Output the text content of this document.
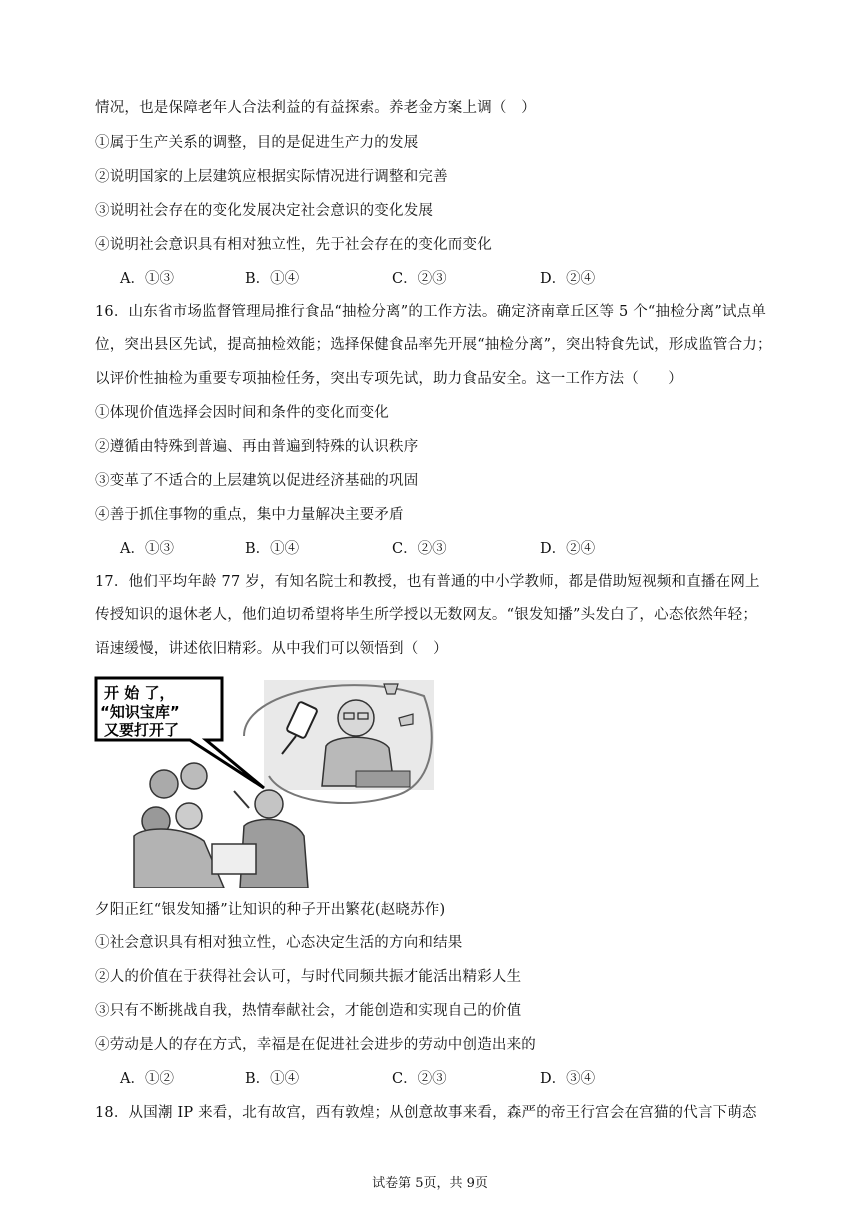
情况，也是保障老年人合法利益的有益探索。养老金方案上调（　）
①属于生产关系的调整，目的是促进生产力的发展
②说明国家的上层建筑应根据实际情况进行调整和完善
③说明社会存在的变化发展决定社会意识的变化发展
④说明社会意识具有相对独立性，先于社会存在的变化而变化
A．①③	B．①④	C．②③	D．②④
16．山东省市场监督管理局推行食品“抽检分离”的工作方法。确定济南章丘区等 5 个“抽检分离”试点单
位，突出县区先试，提高抽检效能；选择保健食品率先开展“抽检分离”，突出特食先试，形成监管合力；
以评价性抽检为重要专项抽检任务，突出专项先试，助力食品安全。这一工作方法（　　）
①体现价值选择会因时间和条件的变化而变化
②遵循由特殊到普遍、再由普遍到特殊的认识秩序
③变革了不适合的上层建筑以促进经济基础的巩固
④善于抓住事物的重点，集中力量解决主要矛盾
A．①③	B．①④	C．②③	D．②④
17．他们平均年龄 77 岁，有知名院士和教授，也有普通的中小学教师，都是借助短视频和直播在网上
传授知识的退休老人，他们迫切希望将毕生所学授以无数网友。“银发知播”头发白了，心态依然年轻；
语速缓慢，讲述依旧精彩。从中我们可以领悟到（　）
开 始 了，
“知识宝库”
又要打开了
夕阳正红“银发知播”让知识的种子开出繁花(赵晓苏作)
①社会意识具有相对独立性，心态决定生活的方向和结果
②人的价值在于获得社会认可，与时代同频共振才能活出精彩人生
③只有不断挑战自我，热情奉献社会，才能创造和实现自己的价值
④劳动是人的存在方式，幸福是在促进社会进步的劳动中创造出来的
A．①②	B．①④	C．②③	D．③④
18．从国潮 IP 来看，北有故宫，西有敦煌；从创意故事来看，森严的帝王行宫会在宫猫的代言下萌态
试卷第 5页，共 9页
